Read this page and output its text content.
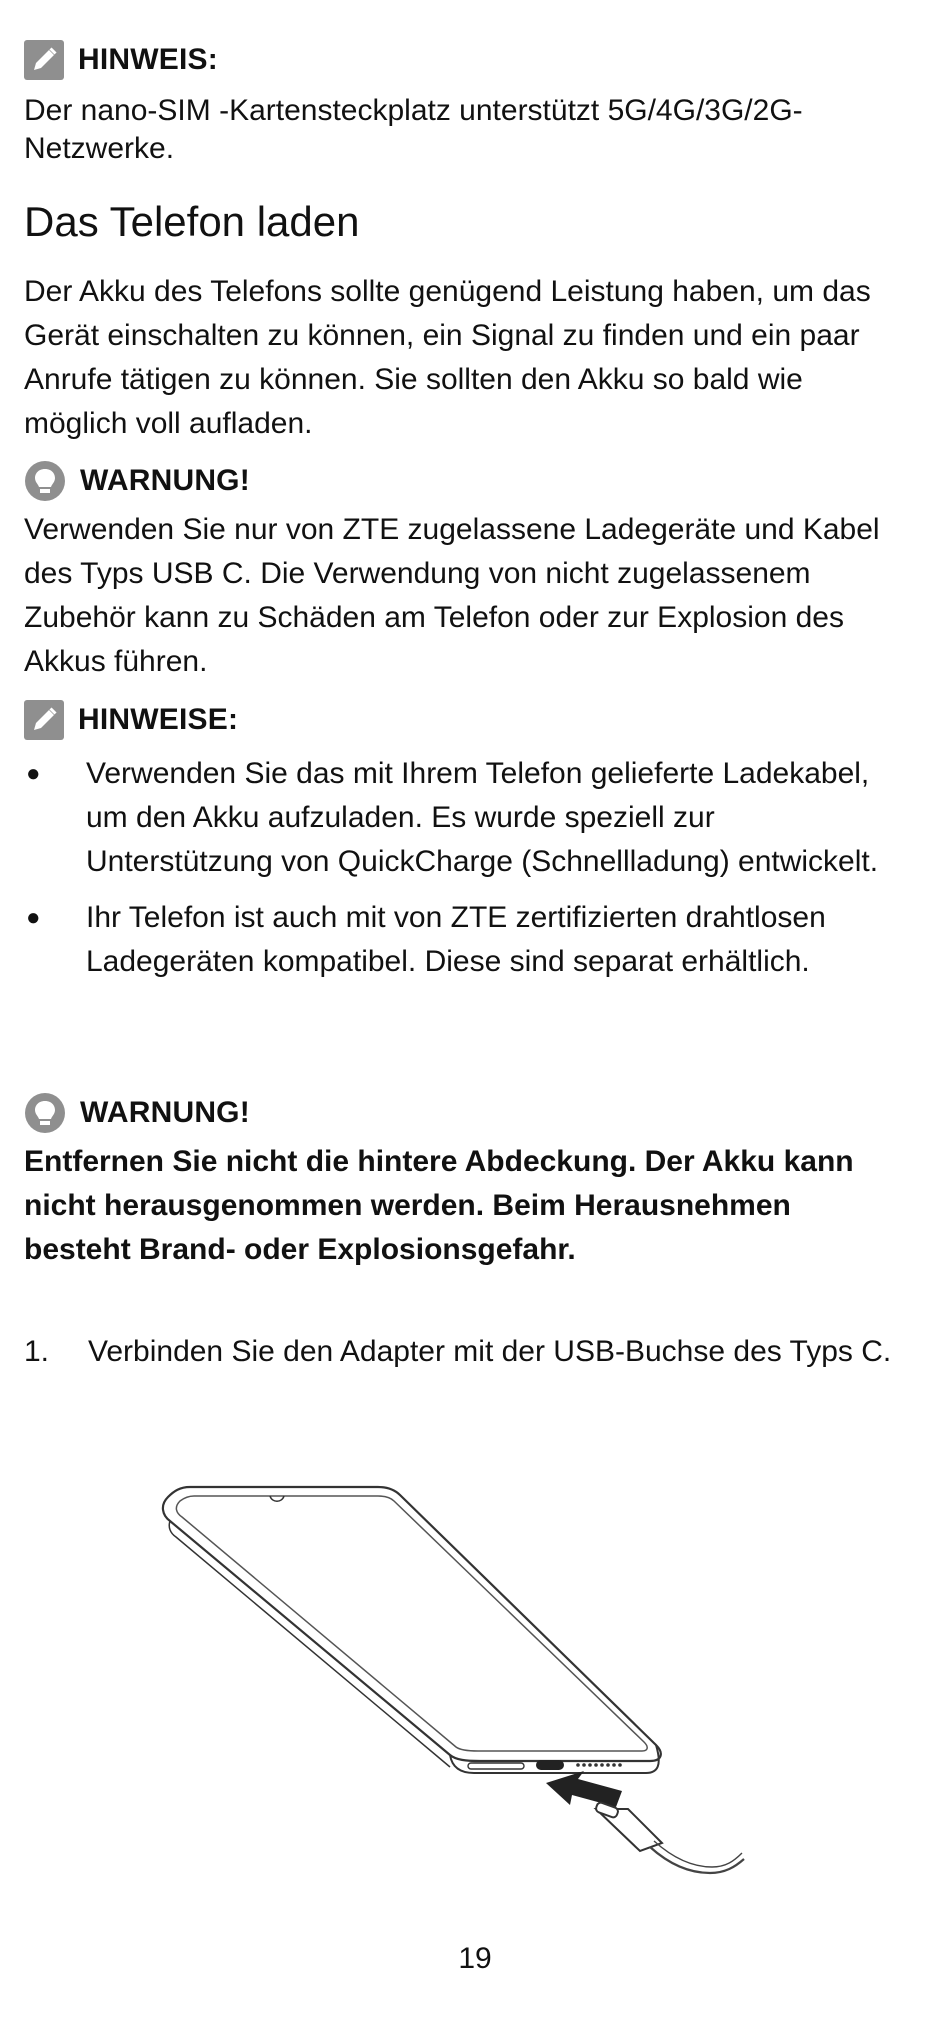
HINWEIS:
Der nano-SIM -Kartensteckplatz unterstützt 5G/4G/3G/2G-Netzwerke.
Das Telefon laden
Der Akku des Telefons sollte genügend Leistung haben, um das Gerät einschalten zu können, ein Signal zu finden und ein paar Anrufe tätigen zu können. Sie sollten den Akku so bald wie möglich voll aufladen.
WARNUNG!
Verwenden Sie nur von ZTE zugelassene Ladegeräte und Kabel des Typs USB C. Die Verwendung von nicht zugelassenem Zubehör kann zu Schäden am Telefon oder zur Explosion des Akkus führen.
HINWEISE:
● Verwenden Sie das mit Ihrem Telefon gelieferte Ladekabel, um den Akku aufzuladen. Es wurde speziell zur Unterstützung von QuickCharge (Schnellladung) entwickelt.
● Ihr Telefon ist auch mit von ZTE zertifizierten drahtlosen Ladegeräten kompatibel. Diese sind separat erhältlich.
WARNUNG!
Entfernen Sie nicht die hintere Abdeckung. Der Akku kann nicht herausgenommen werden. Beim Herausnehmen besteht Brand- oder Explosionsgefahr.
1. Verbinden Sie den Adapter mit der USB-Buchse des Typs C.
19
